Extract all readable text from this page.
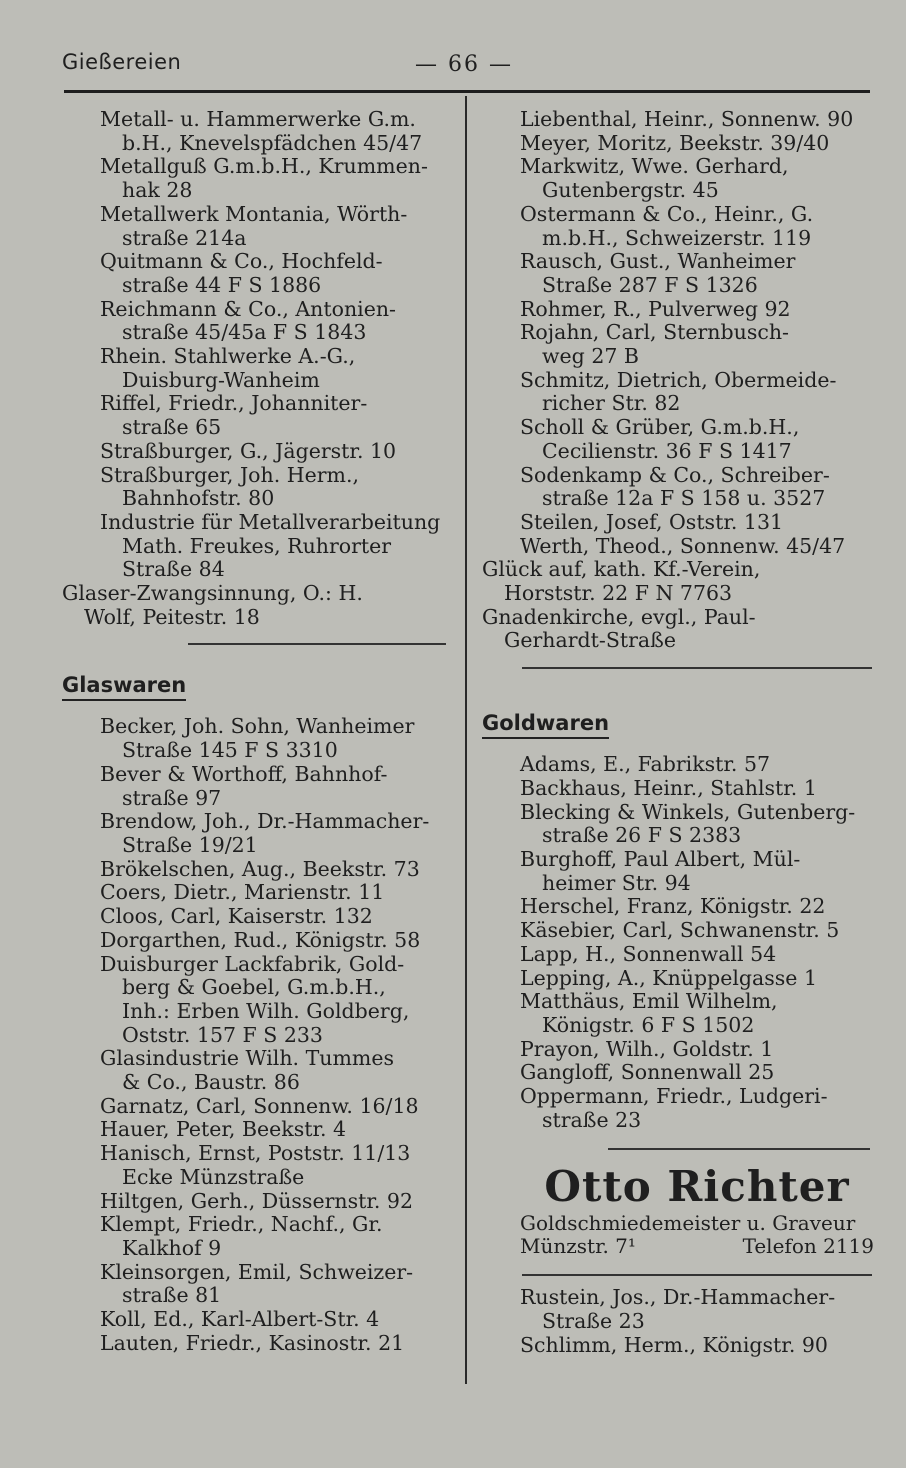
Gießereien	— 66 —
Metall- u. Hammerwerke G.m.
b.H., Knevelspfädchen 45/47
Metallguß G.m.b.H., Krummen-
hak 28
Metallwerk Montania, Wörth-
straße 214a
Quitmann & Co., Hochfeld-
straße 44 F S 1886
Reichmann & Co., Antonien-
straße 45/45a F S 1843
Rhein. Stahlwerke A.-G.,
Duisburg-Wanheim
Riffel, Friedr., Johanniter-
straße 65
Straßburger, G., Jägerstr. 10
Straßburger, Joh. Herm.,
Bahnhofstr. 80
Industrie für Metallverarbeitung
Math. Freukes, Ruhrorter
Straße 84
Glaser-Zwangsinnung, O.: H.
Wolf, Peitestr. 18
Glaswaren
Becker, Joh. Sohn, Wanheimer
Straße 145 F S 3310
Bever & Worthoff, Bahnhof-
straße 97
Brendow, Joh., Dr.-Hammacher-
Straße 19/21
Brökelschen, Aug., Beekstr. 73
Coers, Dietr., Marienstr. 11
Cloos, Carl, Kaiserstr. 132
Dorgarthen, Rud., Königstr. 58
Duisburger Lackfabrik, Gold-
berg & Goebel, G.m.b.H.,
Inh.: Erben Wilh. Goldberg,
Oststr. 157 F S 233
Glasindustrie Wilh. Tummes
& Co., Baustr. 86
Garnatz, Carl, Sonnenw. 16/18
Hauer, Peter, Beekstr. 4
Hanisch, Ernst, Poststr. 11/13
Ecke Münzstraße
Hiltgen, Gerh., Düssernstr. 92
Klempt, Friedr., Nachf., Gr.
Kalkhof 9
Kleinsorgen, Emil, Schweizer-
straße 81
Koll, Ed., Karl-Albert-Str. 4
Lauten, Friedr., Kasinostr. 21
Liebenthal, Heinr., Sonnenw. 90
Meyer, Moritz, Beekstr. 39/40
Markwitz, Wwe. Gerhard,
Gutenbergstr. 45
Ostermann & Co., Heinr., G.
m.b.H., Schweizerstr. 119
Rausch, Gust., Wanheimer
Straße 287 F S 1326
Rohmer, R., Pulverweg 92
Rojahn, Carl, Sternbusch-
weg 27 B
Schmitz, Dietrich, Obermeide-
richer Str. 82
Scholl & Grüber, G.m.b.H.,
Cecilienstr. 36 F S 1417
Sodenkamp & Co., Schreiber-
straße 12a F S 158 u. 3527
Steilen, Josef, Oststr. 131
Werth, Theod., Sonnenw. 45/47
Glück auf, kath. Kf.-Verein,
Horststr. 22 F N 7763
Gnadenkirche, evgl., Paul-
Gerhardt-Straße
Goldwaren
Adams, E., Fabrikstr. 57
Backhaus, Heinr., Stahlstr. 1
Blecking & Winkels, Gutenberg-
straße 26 F S 2383
Burghoff, Paul Albert, Mül-
heimer Str. 94
Herschel, Franz, Königstr. 22
Käsebier, Carl, Schwanenstr. 5
Lapp, H., Sonnenwall 54
Lepping, A., Knüppelgasse 1
Matthäus, Emil Wilhelm,
Königstr. 6 F S 1502
Prayon, Wilh., Goldstr. 1
Gangloff, Sonnenwall 25
Oppermann, Friedr., Ludgeri-
straße 23
Otto Richter
Goldschmiedemeister u. Graveur
Münzstr. 7¹	Telefon 2119
Rustein, Jos., Dr.-Hammacher-
Straße 23
Schlimm, Herm., Königstr. 90
